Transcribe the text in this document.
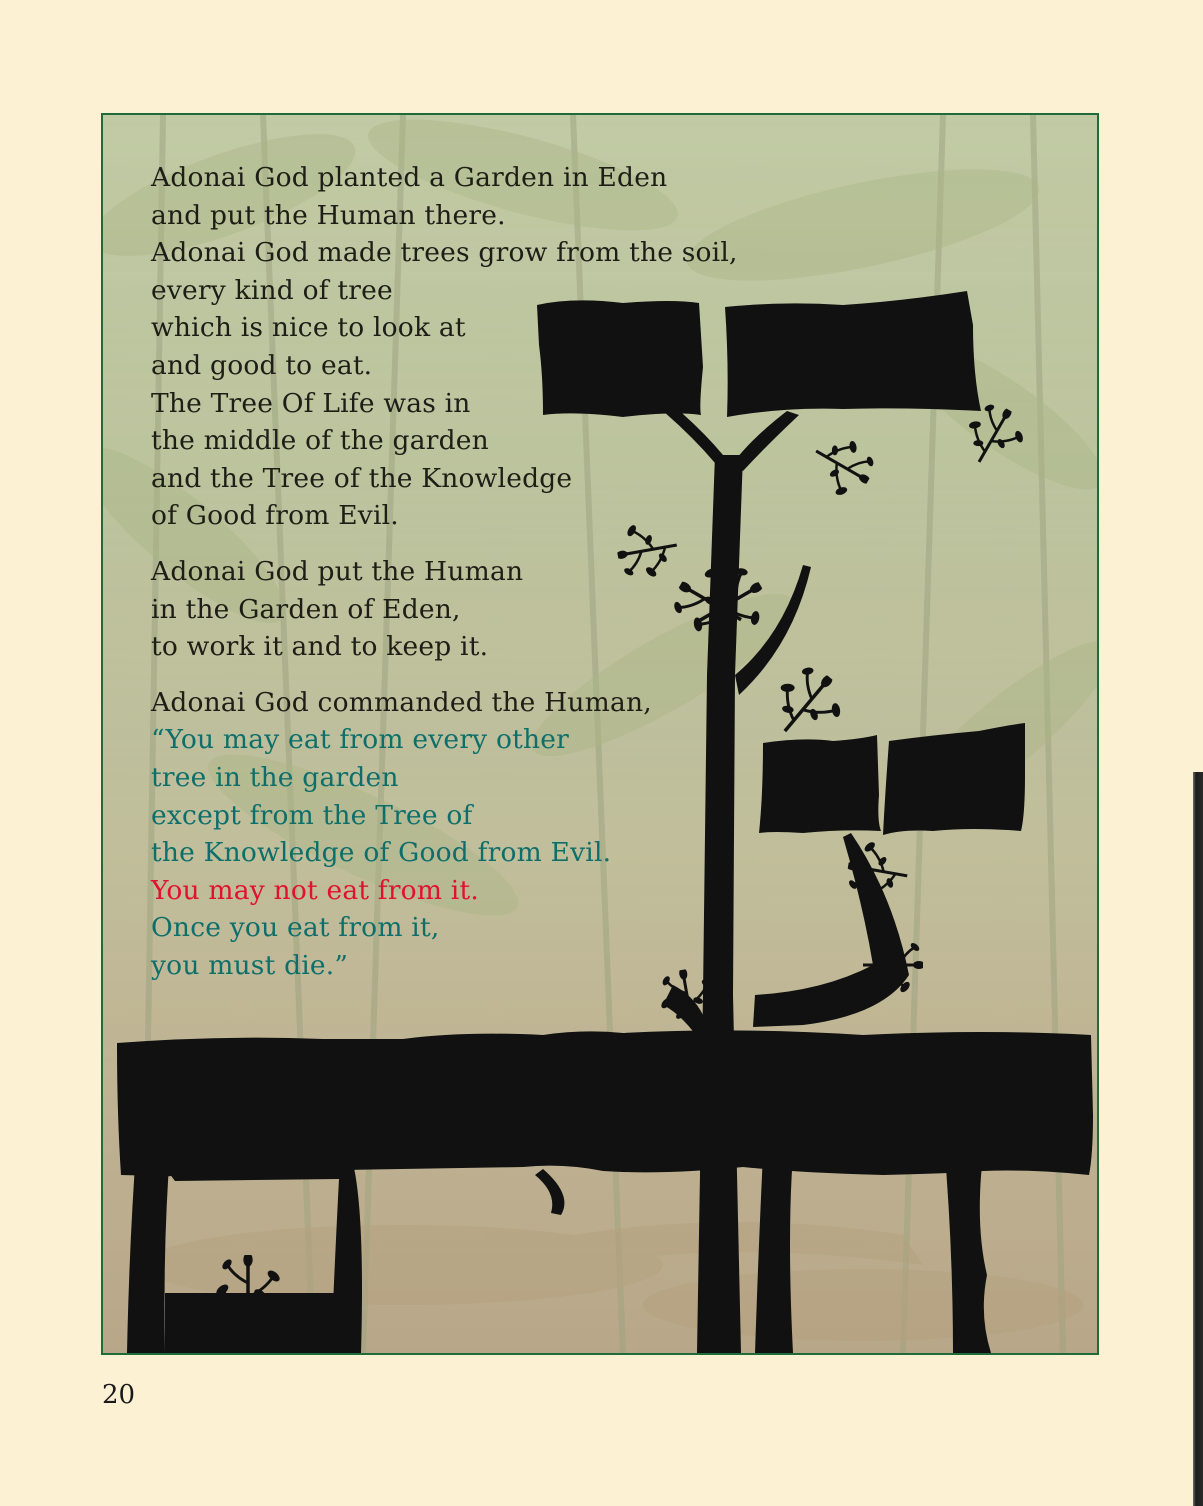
Adonai God planted a Garden in Eden
and put the Human there.
Adonai God made trees grow from the soil,
every kind of tree
which is nice to look at
and good to eat.
The Tree Of Life was in
the middle of the garden
and the Tree of the Knowledge
of Good from Evil.

Adonai God put the Human
in the Garden of Eden,
to work it and to keep it.

Adonai God commanded the Human,
“You may eat from every other
tree in the garden
except from the Tree of
the Knowledge of Good from Evil.
You may not eat from it.
Once you eat from it,
you must die.”

20
